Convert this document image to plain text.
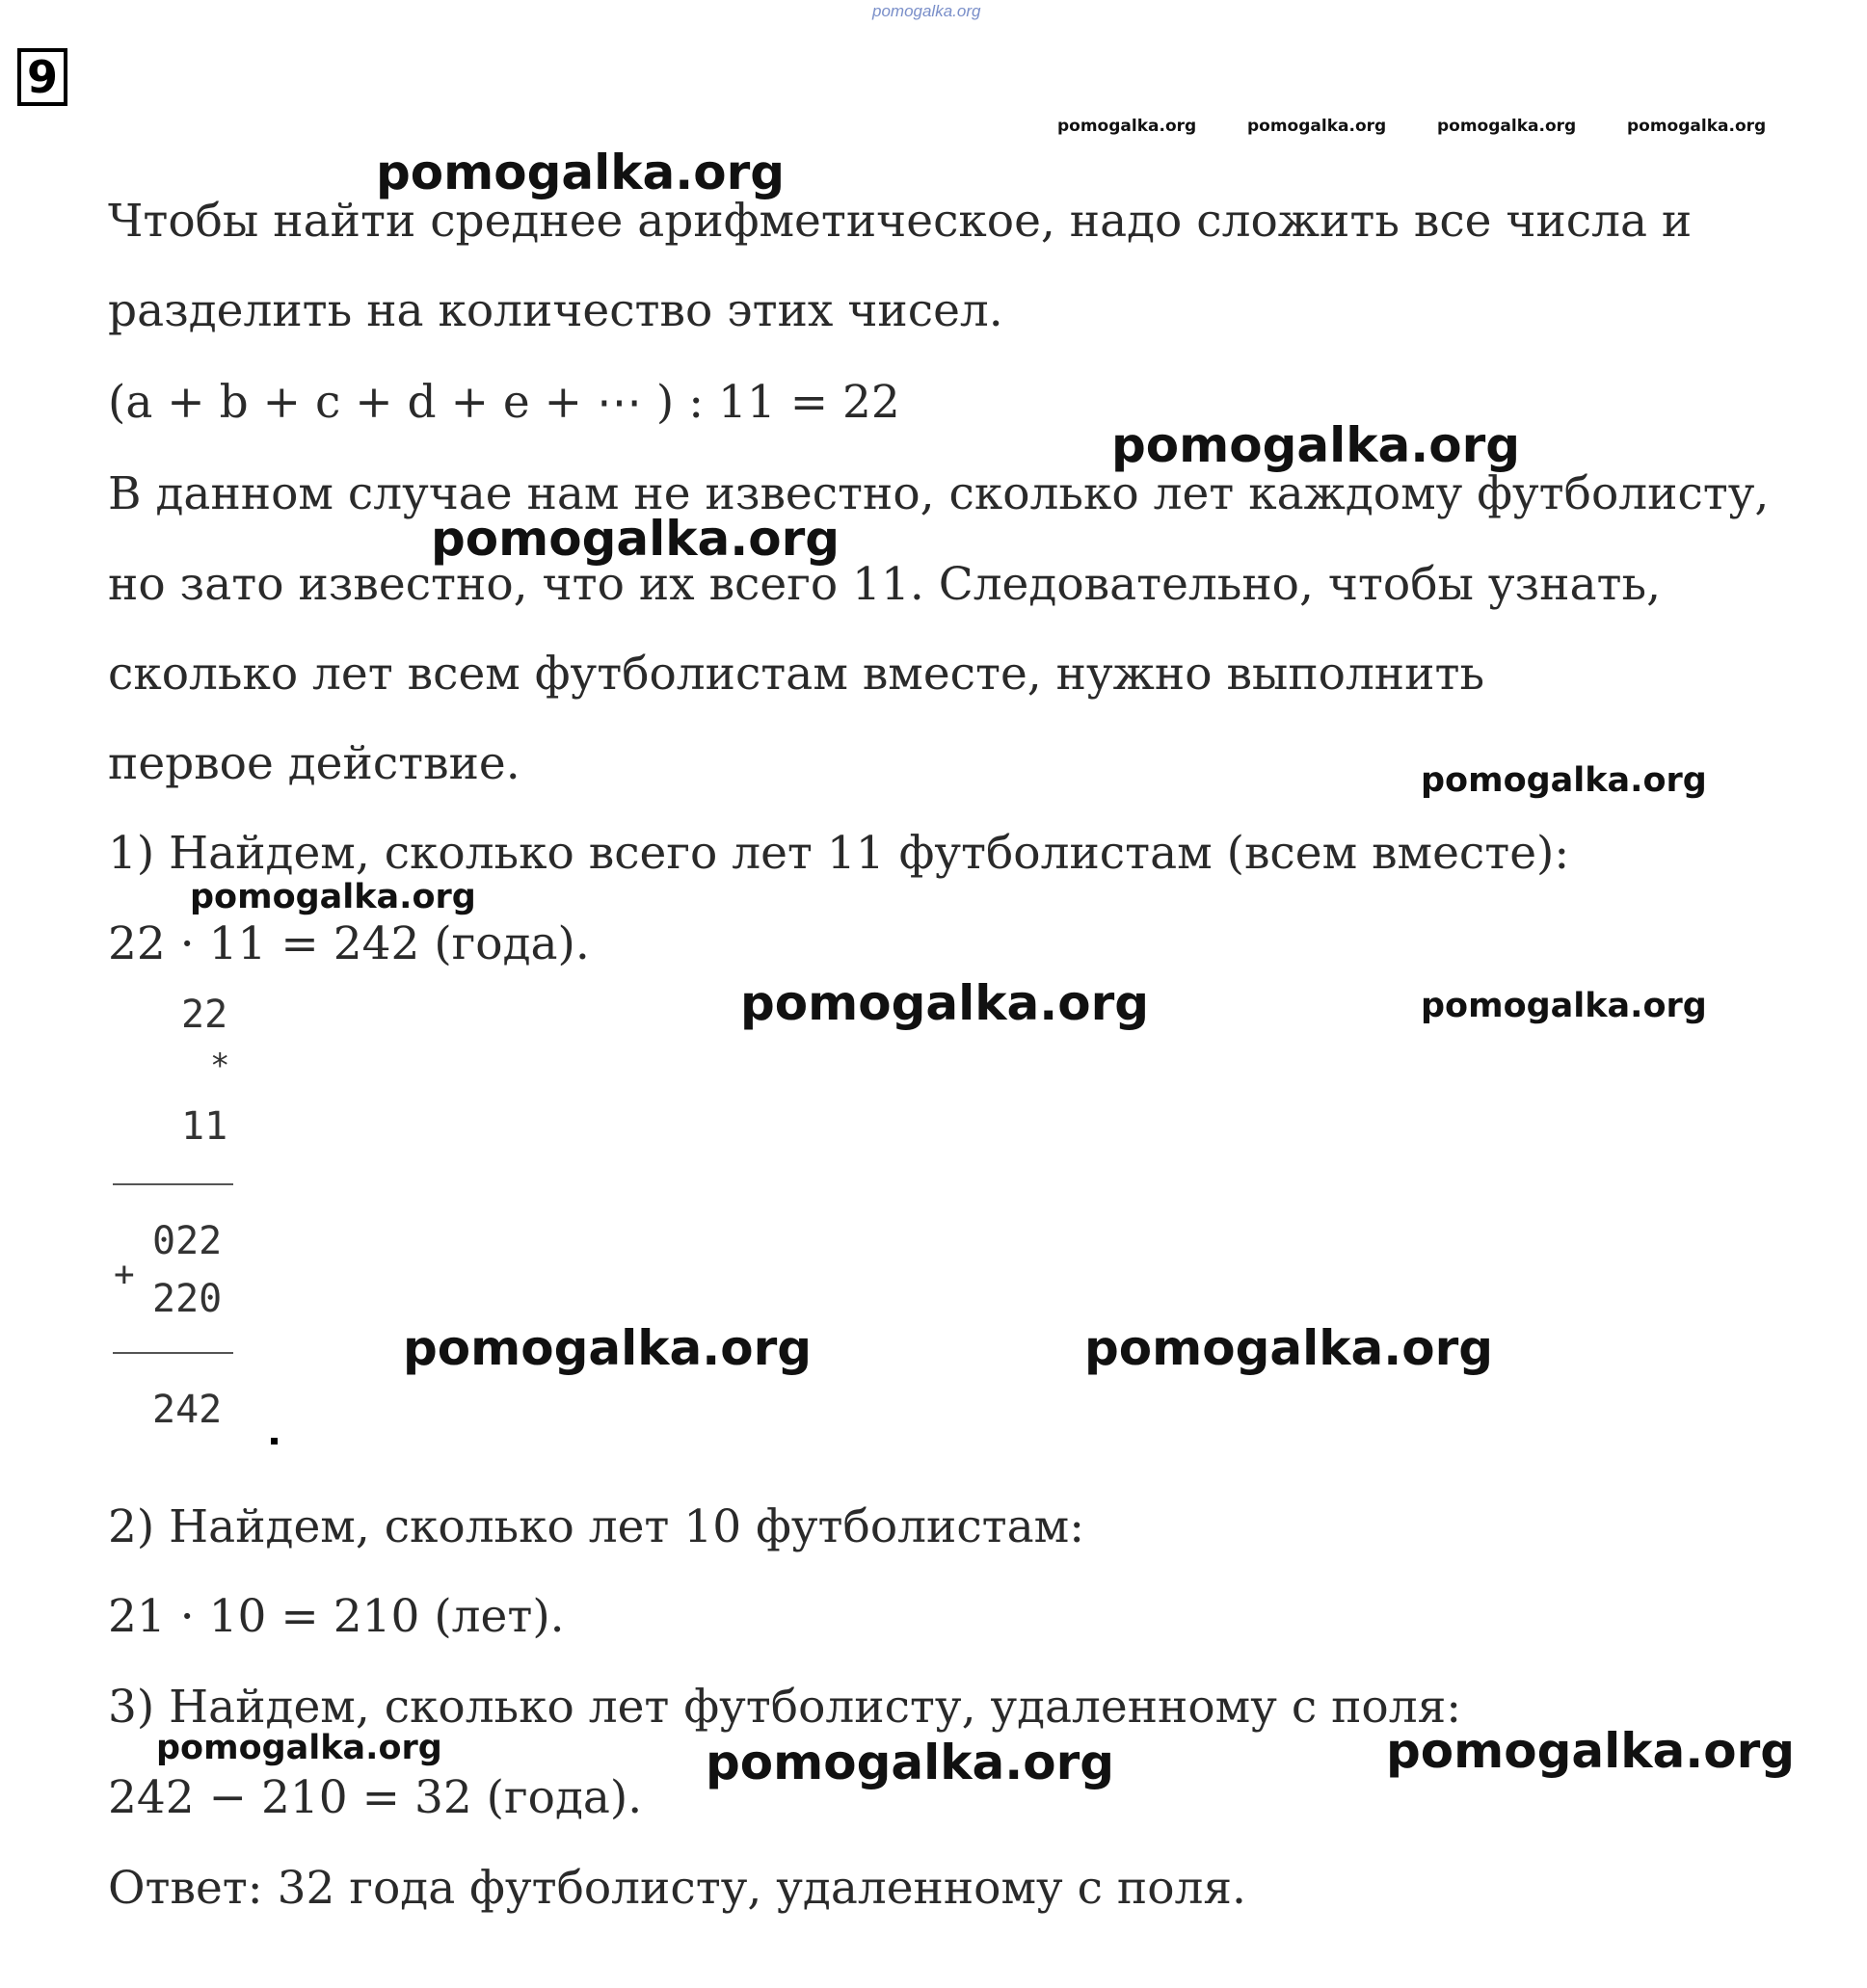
pomogalka.org
9
pomogalka.org	pomogalka.org	pomogalka.org	pomogalka.org
Чтобы найти среднее арифметическое, надо сложить все числа и
разделить на количество этих чисел.
(a + b + c + d + e + ⋯ ) : 11 = 22
В данном случае нам не известно, сколько лет каждому футболисту,
но зато известно, что их всего 11. Следовательно, чтобы узнать,
сколько лет всем футболистам вместе, нужно выполнить
первое действие.
1) Найдем, сколько всего лет 11 футболистам (всем вместе):
22 · 11 = 242 (года).
22
*
11
+
022
220
242
2) Найдем, сколько лет 10 футболистам:
21 · 10 = 210 (лет).
3) Найдем, сколько лет футболисту, удаленному с поля:
242 − 210 = 32 (года).
Ответ: 32 года футболисту, удаленному с поля.
pomogalka.org
pomogalka.org
pomogalka.org
pomogalka.org
pomogalka.org
pomogalka.org	pomogalka.org
pomogalka.org	pomogalka.org
pomogalka.org	pomogalka.org	pomogalka.org
